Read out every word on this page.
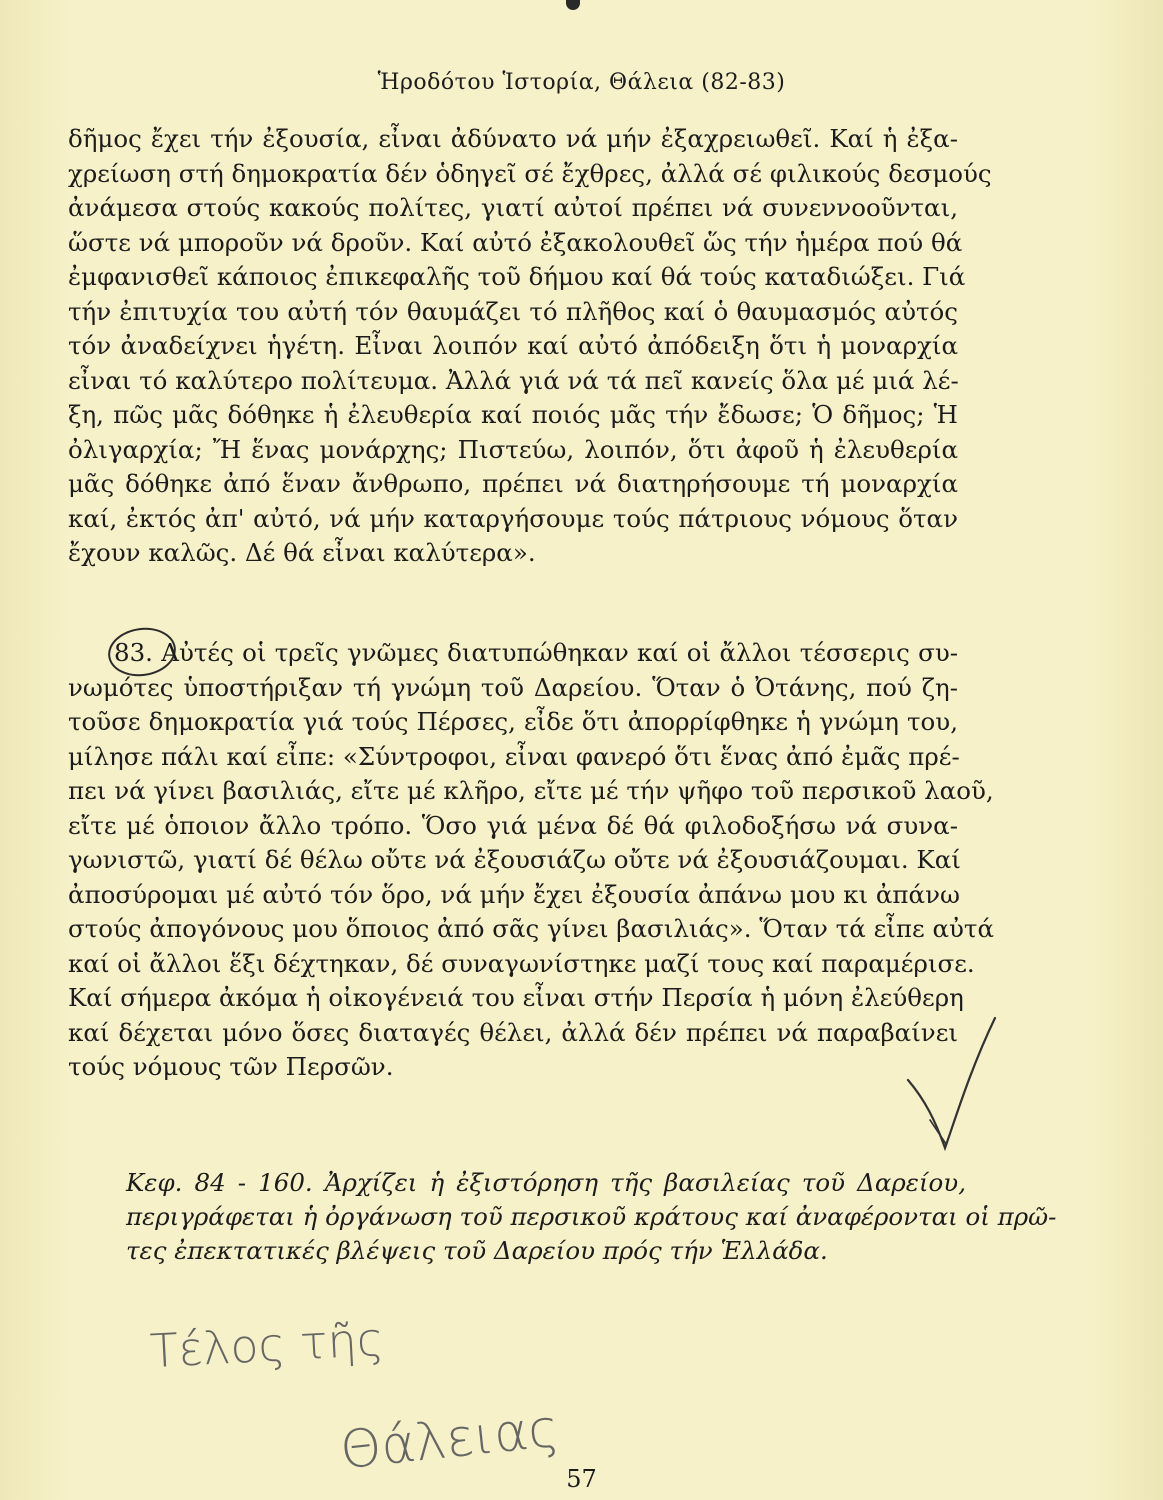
Ἡροδότου Ἱστορία, Θάλεια (82-83)
δῆμος ἔχει τήν ἐξουσία, εἶναι ἀδύνατο νά μήν ἐξαχρειωθεῖ. Καί ἡ ἐξα-
χρείωση στή δημοκρατία δέν ὁδηγεῖ σέ ἔχθρες, ἀλλά σέ φιλικούς δεσμούς
ἀνάμεσα στούς κακούς πολίτες, γιατί αὐτοί πρέπει νά συνεννοοῦνται,
ὥστε νά μποροῦν νά δροῦν. Καί αὐτό ἐξακολουθεῖ ὥς τήν ἡμέρα πού θά
ἐμφανισθεῖ κάποιος ἐπικεφαλῆς τοῦ δήμου καί θά τούς καταδιώξει. Γιά
τήν ἐπιτυχία του αὐτή τόν θαυμάζει τό πλῆθος καί ὁ θαυμασμός αὐτός
τόν ἀναδείχνει ἡγέτη. Εἶναι λοιπόν καί αὐτό ἀπόδειξη ὅτι ἡ μοναρχία
εἶναι τό καλύτερο πολίτευμα. Ἀλλά γιά νά τά πεῖ κανείς ὅλα μέ μιά λέ-
ξη, πῶς μᾶς δόθηκε ἡ ἐλευθερία καί ποιός μᾶς τήν ἔδωσε; Ὁ δῆμος; Ἡ
ὀλιγαρχία; Ἤ ἕνας μονάρχης; Πιστεύω, λοιπόν, ὅτι ἀφοῦ ἡ ἐλευθερία
μᾶς δόθηκε ἀπό ἕναν ἄνθρωπο, πρέπει νά διατηρήσουμε τή μοναρχία
καί, ἐκτός ἀπ' αὐτό, νά μήν καταργήσουμε τούς πάτριους νόμους ὅταν
ἔχουν καλῶς. Δέ θά εἶναι καλύτερα».
83. Αὐτές οἱ τρεῖς γνῶμες διατυπώθηκαν καί οἱ ἄλλοι τέσσερις συ-
νωμότες ὑποστήριξαν τή γνώμη τοῦ Δαρείου. Ὅταν ὁ Ὀτάνης, πού ζη-
τοῦσε δημοκρατία γιά τούς Πέρσες, εἶδε ὅτι ἀπορρίφθηκε ἡ γνώμη του,
μίλησε πάλι καί εἶπε: «Σύντροφοι, εἶναι φανερό ὅτι ἕνας ἀπό ἐμᾶς πρέ-
πει νά γίνει βασιλιάς, εἴτε μέ κλῆρο, εἴτε μέ τήν ψῆφο τοῦ περσικοῦ λαοῦ,
εἴτε μέ ὁποιον ἄλλο τρόπο. Ὅσο γιά μένα δέ θά φιλοδοξήσω νά συνα-
γωνιστῶ, γιατί δέ θέλω οὔτε νά ἐξουσιάζω οὔτε νά ἐξουσιάζουμαι. Καί
ἀποσύρομαι μέ αὐτό τόν ὅρο, νά μήν ἔχει ἐξουσία ἀπάνω μου κι ἀπάνω
στούς ἀπογόνους μου ὅποιος ἀπό σᾶς γίνει βασιλιάς». Ὅταν τά εἶπε αὐτά
καί οἱ ἄλλοι ἕξι δέχτηκαν, δέ συναγωνίστηκε μαζί τους καί παραμέρισε.
Καί σήμερα ἀκόμα ἡ οἰκογένειά του εἶναι στήν Περσία ἡ μόνη ἐλεύθερη
καί δέχεται μόνο ὅσες διαταγές θέλει, ἀλλά δέν πρέπει νά παραβαίνει
τούς νόμους τῶν Περσῶν.
Κεφ. 84 - 160. Ἀρχίζει ἡ ἐξιστόρηση τῆς βασιλείας τοῦ Δαρείου,
περιγράφεται ἡ ὀργάνωση τοῦ περσικοῦ κράτους καί ἀναφέρονται οἱ πρῶ-
τες ἐπεκτατικές βλέψεις τοῦ Δαρείου πρός τήν Ἑλλάδα.
Τέλος τῆς
Θάλειας 57
